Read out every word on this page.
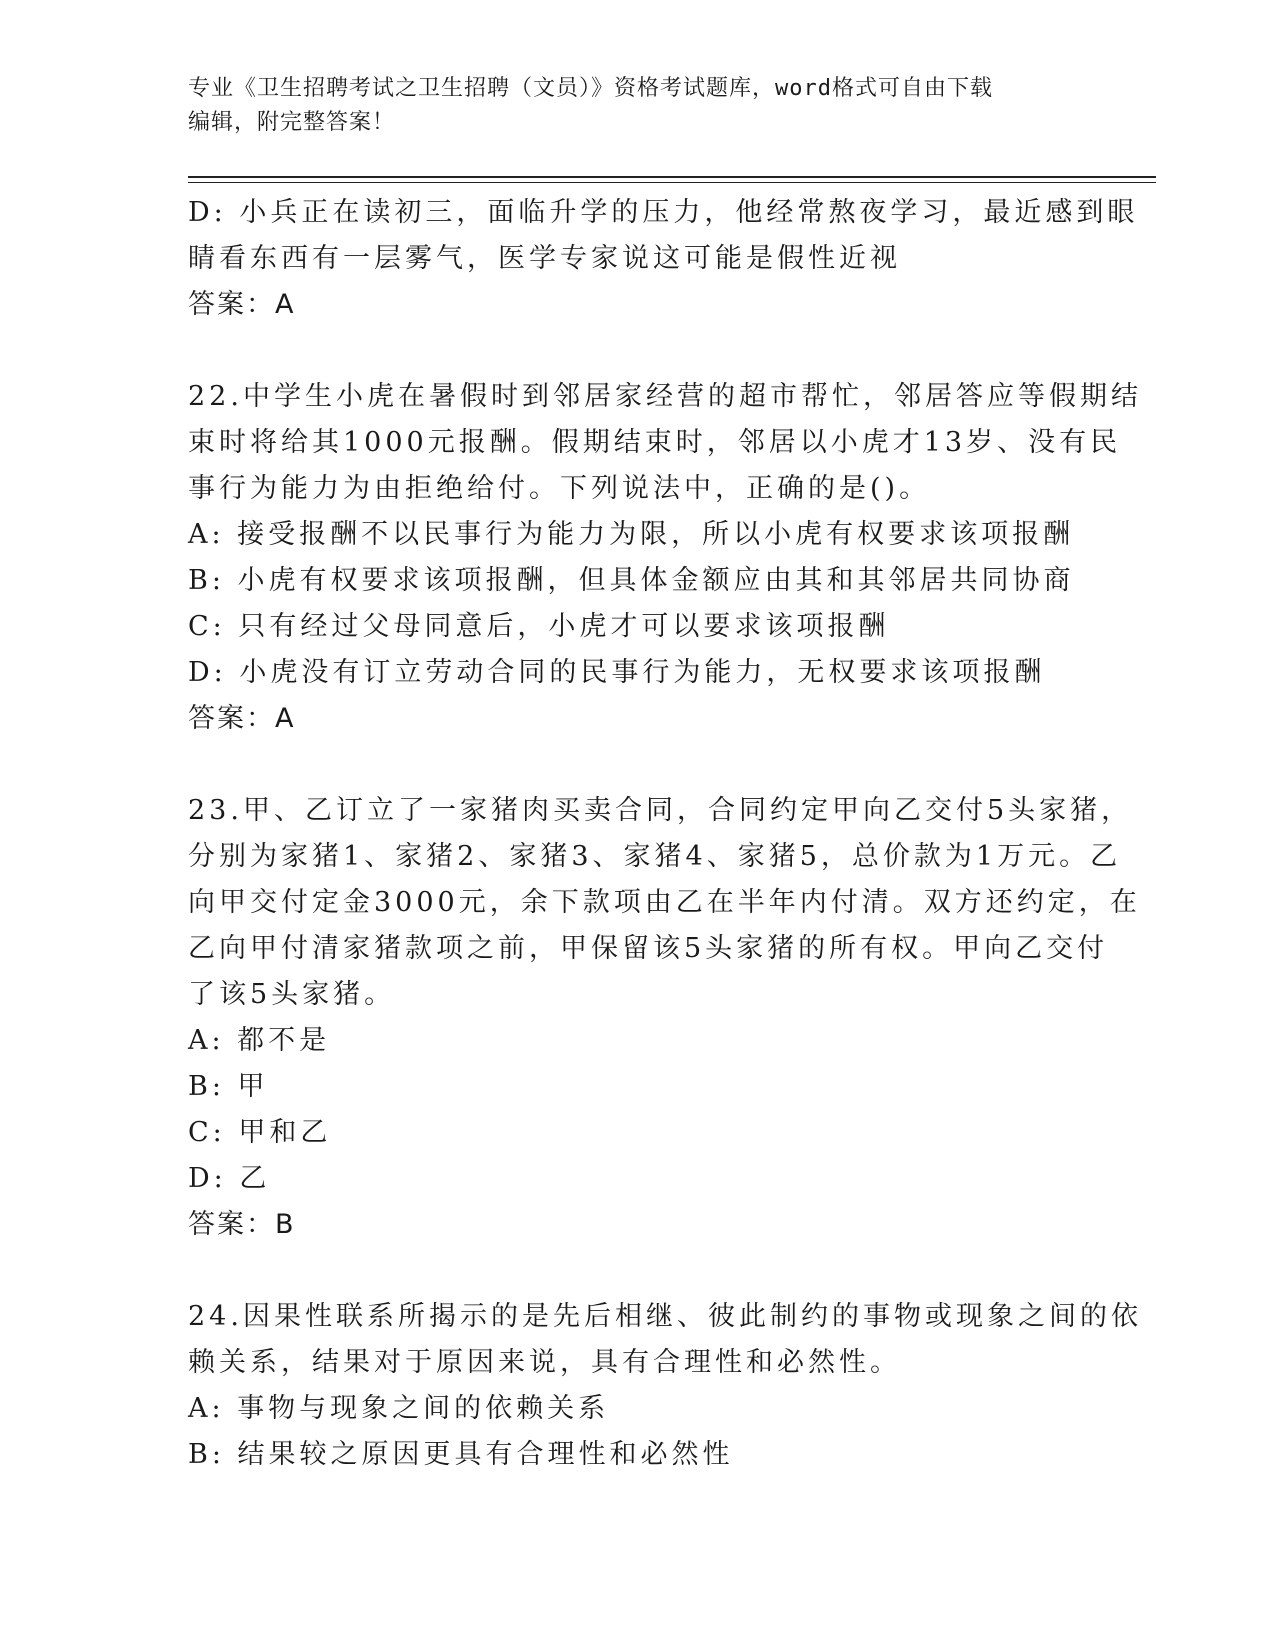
专业《卫生招聘考试之卫生招聘（文员）》资格考试题库，word格式可自由下载
编辑，附完整答案！
D: 小兵正在读初三，面临升学的压力，他经常熬夜学习，最近感到眼
睛看东西有一层雾气，医学专家说这可能是假性近视
答案：A
22.中学生小虎在暑假时到邻居家经营的超市帮忙，邻居答应等假期结
束时将给其1000元报酬。假期结束时，邻居以小虎才13岁、没有民
事行为能力为由拒绝给付。下列说法中，正确的是()。
A: 接受报酬不以民事行为能力为限，所以小虎有权要求该项报酬
B: 小虎有权要求该项报酬，但具体金额应由其和其邻居共同协商
C: 只有经过父母同意后，小虎才可以要求该项报酬
D: 小虎没有订立劳动合同的民事行为能力，无权要求该项报酬
答案：A
23.甲、乙订立了一家猪肉买卖合同，合同约定甲向乙交付5头家猪，
分别为家猪1、家猪2、家猪3、家猪4、家猪5，总价款为1万元。乙
向甲交付定金3000元，余下款项由乙在半年内付清。双方还约定，在
乙向甲付清家猪款项之前，甲保留该5头家猪的所有权。甲向乙交付
了该5头家猪。
A: 都不是
B: 甲
C: 甲和乙
D: 乙
答案：B
24.因果性联系所揭示的是先后相继、彼此制约的事物或现象之间的依
赖关系，结果对于原因来说，具有合理性和必然性。
A: 事物与现象之间的依赖关系
B: 结果较之原因更具有合理性和必然性
